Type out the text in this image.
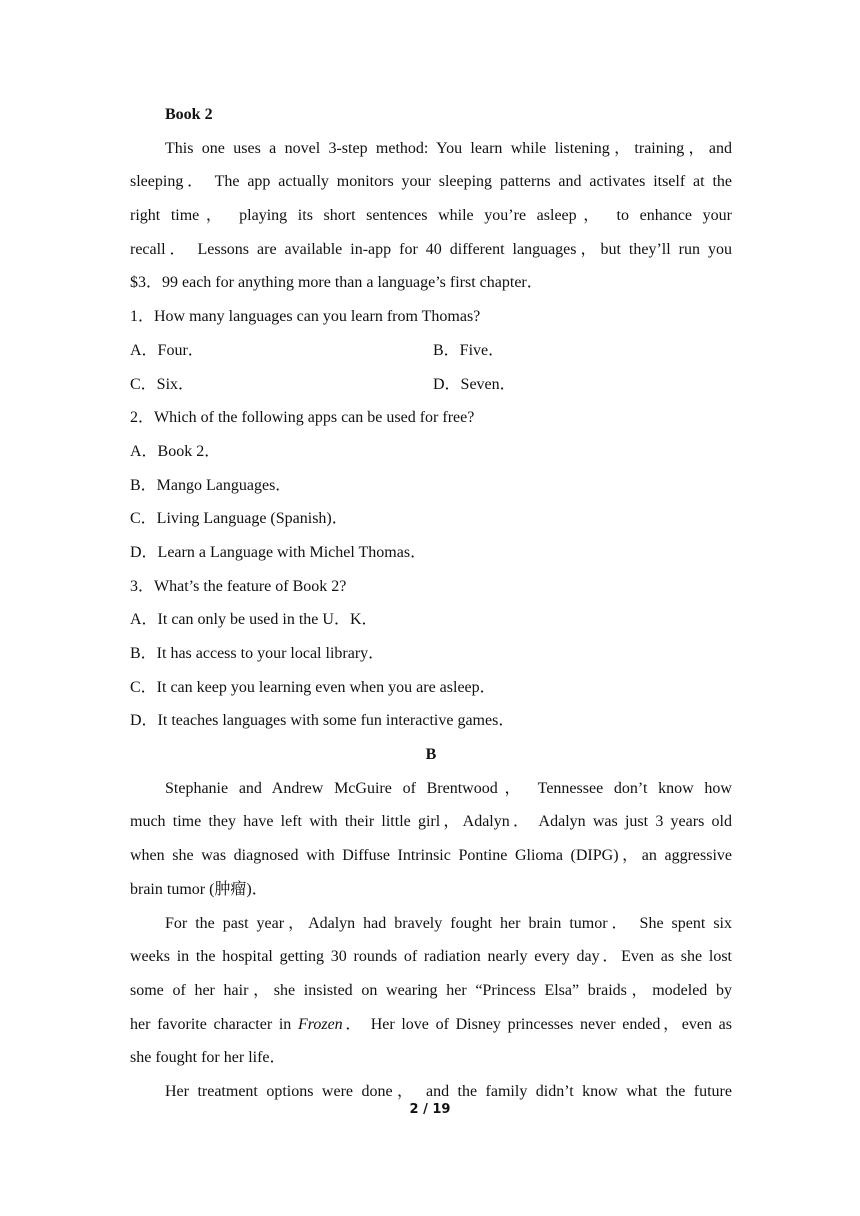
Book 2
This one uses a novel 3-step method: You learn while listening，training，and
sleeping． The app actually monitors your sleeping patterns and activates itself at the
right time， playing its short sentences while you’re asleep， to enhance your
recall． Lessons are available in-app for 40 different languages，but they’ll run you
$3．99 each for anything more than a language’s first chapter．
1．How many languages can you learn from Thomas?
A．Four．	B．Five．
C．Six．	D．Seven．
2．Which of the following apps can be used for free?
A．Book 2．
B．Mango Languages．
C．Living Language (Spanish)．
D．Learn a Language with Michel Thomas．
3．What’s the feature of Book 2?
A．It can only be used in the U．K．
B．It has access to your local library．
C．It can keep you learning even when you are asleep．
D．It teaches languages with some fun interactive games．
B
Stephanie and Andrew McGuire of Brentwood， Tennessee don’t know how
much time they have left with their little girl，Adalyn． Adalyn was just 3 years old
when she was diagnosed with Diffuse Intrinsic Pontine Glioma (DIPG)，an aggressive
brain tumor (肿瘤)．
For the past year，Adalyn had bravely fought her brain tumor． She spent six
weeks in the hospital getting 30 rounds of radiation nearly every day．Even as she lost
some of her hair，she insisted on wearing her “Princess Elsa” braids，modeled by
her favorite character in Frozen． Her love of Disney princesses never ended，even as
she fought for her life．
Her treatment options were done， and the family didn’t know what the future
2 / 19
